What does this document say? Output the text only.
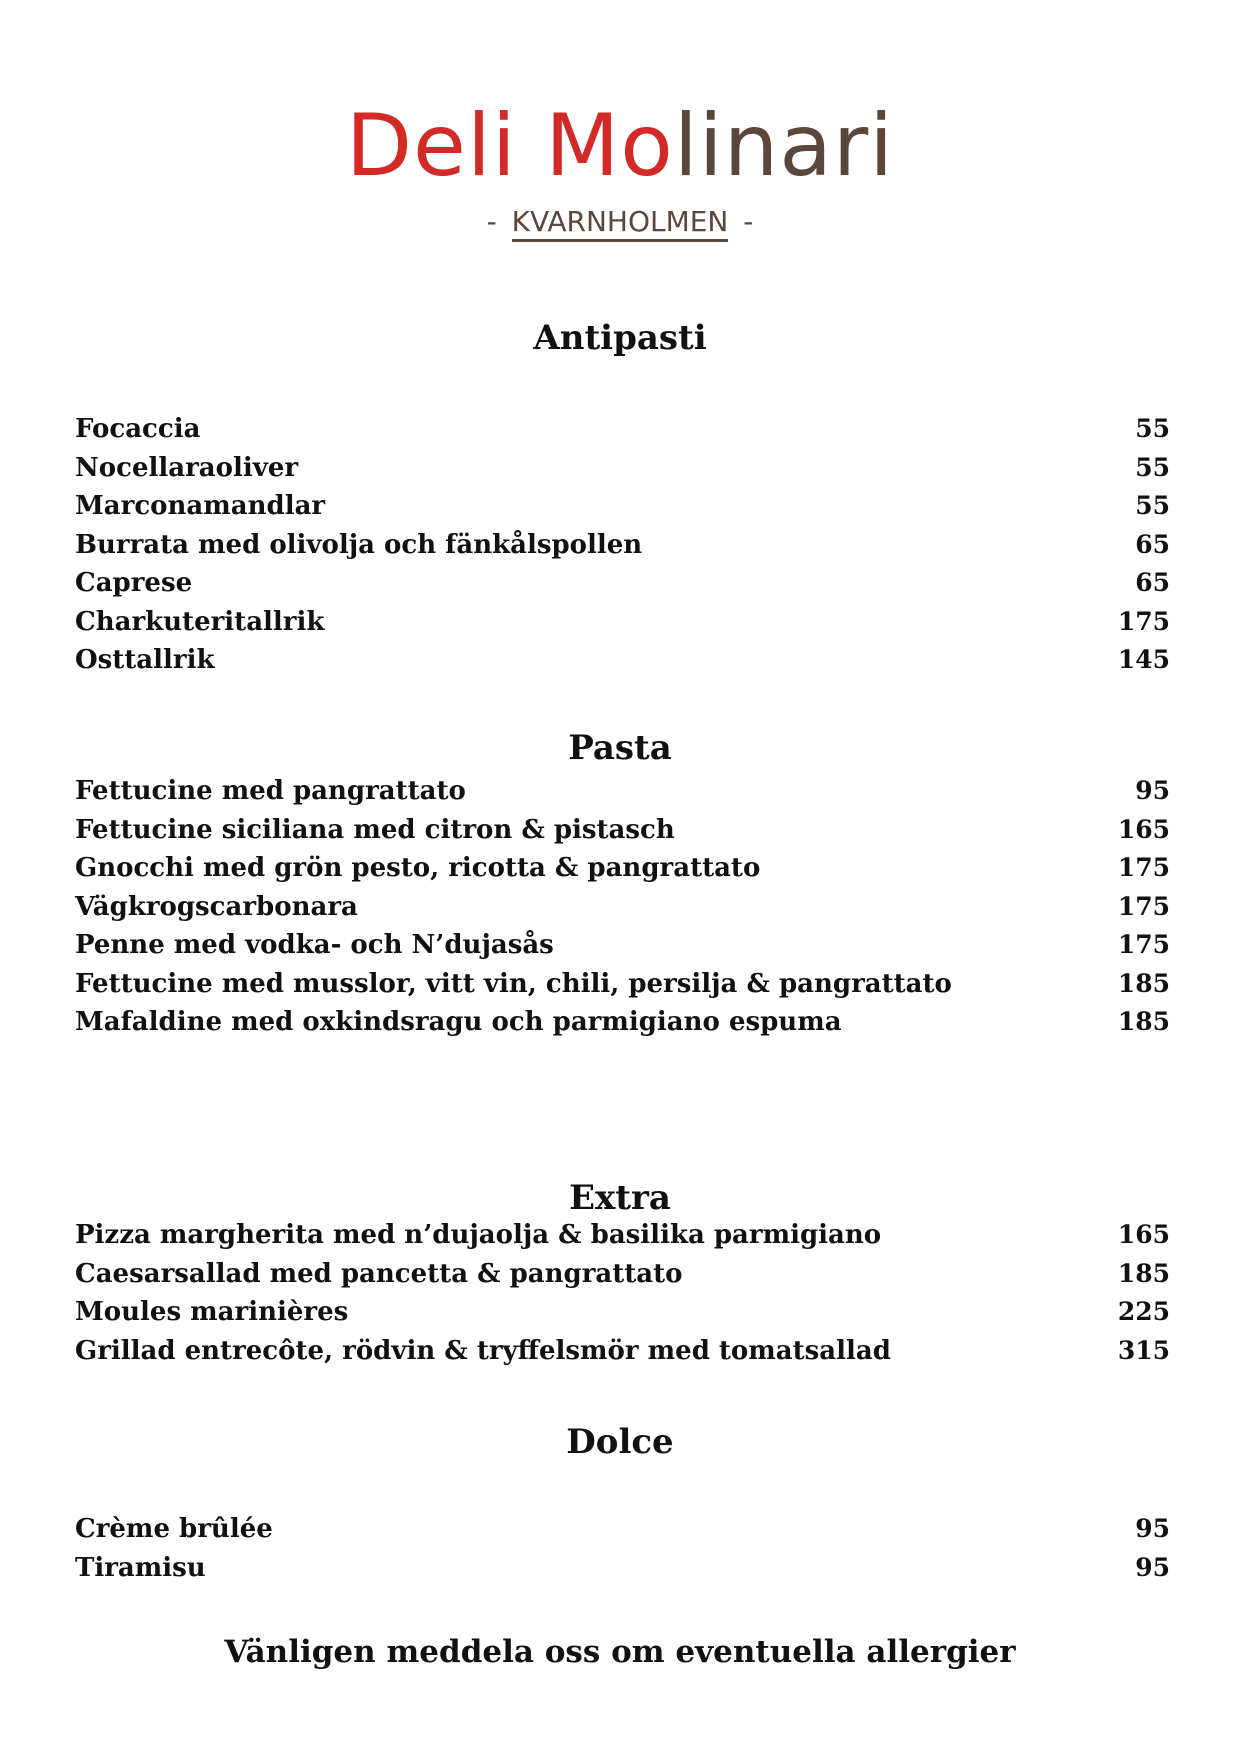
Deli Molinari
- KVARNHOLMEN -
Antipasti
Focaccia	55
Nocellaraoliver	55
Marconamandlar	55
Burrata med olivolja och fänkålspollen	65
Caprese	65
Charkuteritallrik	175
Osttallrik	145
Pasta
Fettucine med pangrattato	95
Fettucine siciliana med citron & pistasch	165
Gnocchi med grön pesto, ricotta & pangrattato	175
Vägkrogscarbonara	175
Penne med vodka- och N’dujasås	175
Fettucine med musslor, vitt vin, chili, persilja & pangrattato	185
Mafaldine med oxkindsragu och parmigiano espuma	185
Extra
Pizza margherita med n’dujaolja & basilika parmigiano	165
Caesarsallad med pancetta & pangrattato	185
Moules marinières	225
Grillad entrecôte, rödvin & tryffelsmör med tomatsallad	315
Dolce
Crème brûlée	95
Tiramisu	95
Vänligen meddela oss om eventuella allergier
